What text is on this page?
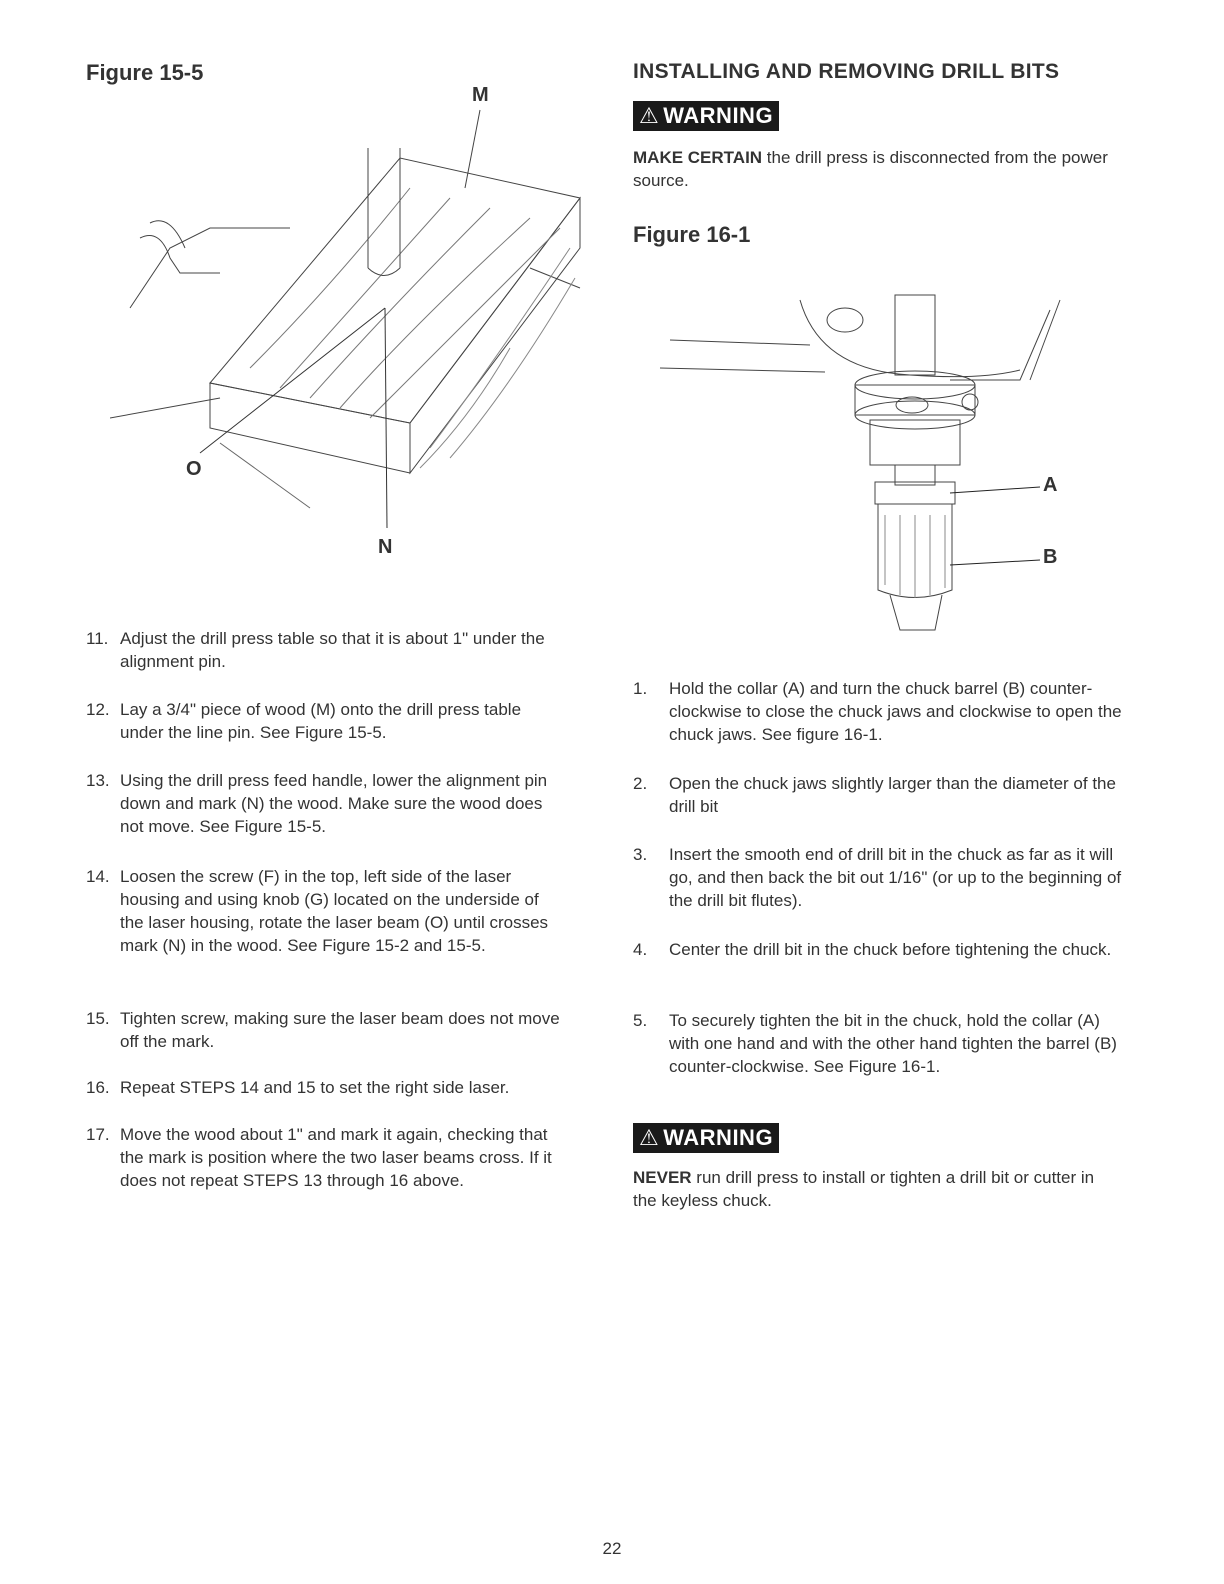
Figure 15-5
M
O
N
11. Adjust the drill press table so that it is about 1" under the alignment pin.
12. Lay a 3/4" piece of wood (M) onto the drill press table under the line pin. See Figure 15-5.
13. Using the drill press feed handle, lower the alignment pin down and mark (N) the wood. Make sure the wood does not move. See Figure 15-5.
14. Loosen the screw (F) in the top, left side of the laser housing and using knob (G) located on the underside of the laser housing, rotate the laser beam (O) until crosses mark (N) in the wood. See Figure 15-2 and 15-5.
15. Tighten screw, making sure the laser beam does not move off the mark.
16. Repeat STEPS 14 and 15 to set the right side laser.
17. Move the wood about 1" and mark it again, checking that the mark is position where the two laser beams cross. If it does not repeat STEPS 13 through 16 above.
INSTALLING AND REMOVING DRILL BITS
⚠ WARNING
MAKE CERTAIN the drill press is disconnected from the power source.
Figure 16-1
A
B
1. Hold the collar (A) and turn the chuck barrel (B) counter-clockwise to close the chuck jaws and clockwise to open the chuck jaws. See figure 16-1.
2. Open the chuck jaws slightly larger than the diameter of the drill bit
3. Insert the smooth end of drill bit in the chuck as far as it will go, and then back the bit out 1/16" (or up to the beginning of the drill bit flutes).
4. Center the drill bit in the chuck before tightening the chuck.
5. To securely tighten the bit in the chuck, hold the collar (A) with one hand and with the other hand tighten the barrel (B) counter-clockwise. See Figure 16-1.
⚠ WARNING
NEVER run drill press to install or tighten a drill bit or cutter in the keyless chuck.
22
